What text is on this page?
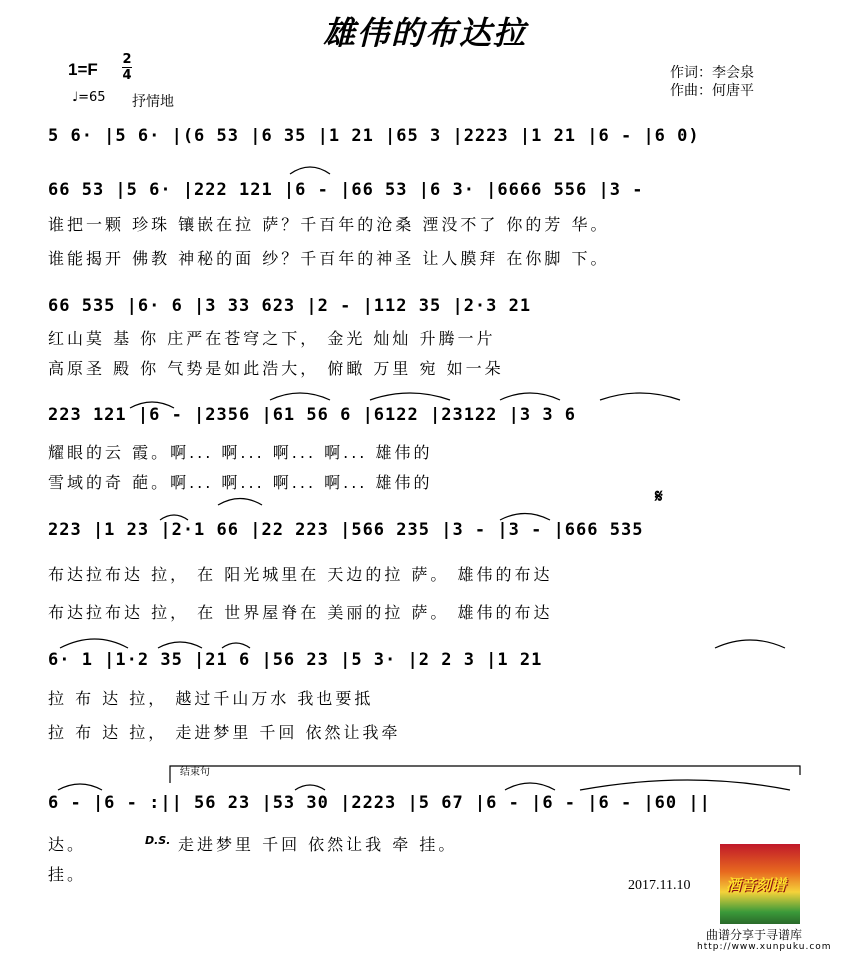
雄伟的布达拉
1=F
2
4
♩=65 抒情地
作词：李会泉
作曲：何唐平
5 6· |5 6· |(6 53 |6 35 |1 21 |65 3 |2223 |1 21 |6 - |6 0)
66 53 |5 6· |222 121 |6 - |66 53 |6 3· |6666 556 |3 -
66 535 |6· 6 |3 33 623 |2 - |112 35 |2·3 21
223 121 |6 - |2356 |61 56 6 |6122 |23122 |3 3 6
223 |1 23 |2·1 66 |22 223 |566 235 |3 - |3 - |666 535
6· 1 |1·2 35 |21 6 |56 23 |5 3· |2 2 3 |1 21
6 - |6 - :|| 56 23 |53 30 |2223 |5 67 |6 - |6 - |6 - |60 ||
谁把一颗 珍珠 镶嵌在拉 萨？千百年的沧桑 湮没不了 你的芳 华。
谁能揭开 佛教 神秘的面 纱？千百年的神圣 让人膜拜 在你脚 下。
红山莫 基 你 庄严在苍穹之下， 金光 灿灿 升腾一片
高原圣 殿 你 气势是如此浩大， 俯瞰 万里 宛 如一朵
耀眼的云 霞。啊... 啊... 啊... 啊... 雄伟的
雪域的奇 葩。啊... 啊... 啊... 啊... 雄伟的
布达拉布达 拉， 在 阳光城里在 天边的拉 萨。 雄伟的布达
布达拉布达 拉， 在 世界屋脊在 美丽的拉 萨。 雄伟的布达
拉 布 达 拉， 越过千山万水 我也要抵
拉 布 达 拉， 走进梦里 千回 依然让我牵
达。
挂。
结束句
D.S. 走进梦里 千回 依然让我 牵 挂。
𝄋
2017.11.10 酒音刻谱
曲谱分享于寻谱库
http://www.xunpuku.com
